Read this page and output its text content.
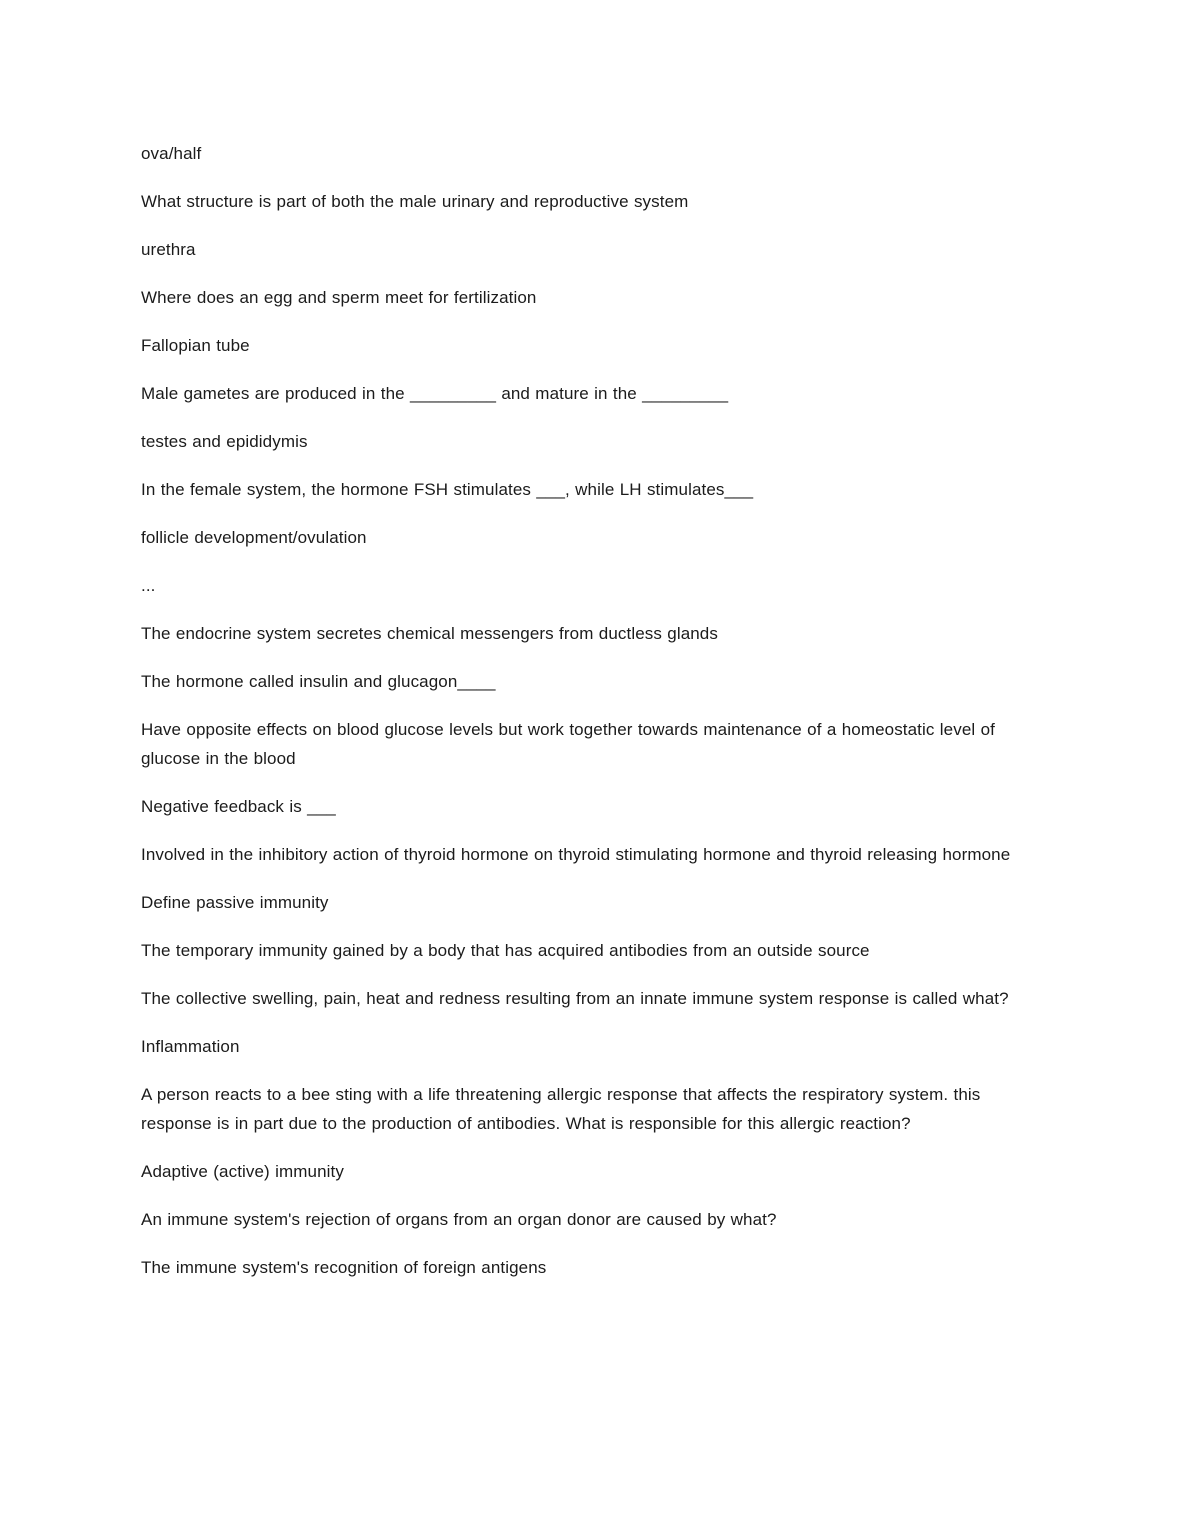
ova/half

What structure is part of both the male urinary and reproductive system

urethra

Where does an egg and sperm meet for fertilization

Fallopian tube

Male gametes are produced in the _________ and mature in the _________

testes and epididymis

In the female system, the hormone FSH stimulates ___, while LH stimulates___

follicle development/ovulation

...

The endocrine system secretes chemical messengers from ductless glands

The hormone called insulin and glucagon____

Have opposite effects on blood glucose levels but work together towards maintenance of a homeostatic level of glucose in the blood

Negative feedback is ___

Involved in the inhibitory action of thyroid hormone on thyroid stimulating hormone and thyroid releasing hormone

Define passive immunity

The temporary immunity gained by a body that has acquired antibodies from an outside source

The collective swelling, pain, heat and redness resulting from an innate immune system response is called what?

Inflammation

A person reacts to a bee sting with a life threatening allergic response that affects the respiratory system. this response is in part due to the production of antibodies. What is responsible for this allergic reaction?

Adaptive (active) immunity

An immune system's rejection of organs from an organ donor are caused by what?

The immune system's recognition of foreign antigens
